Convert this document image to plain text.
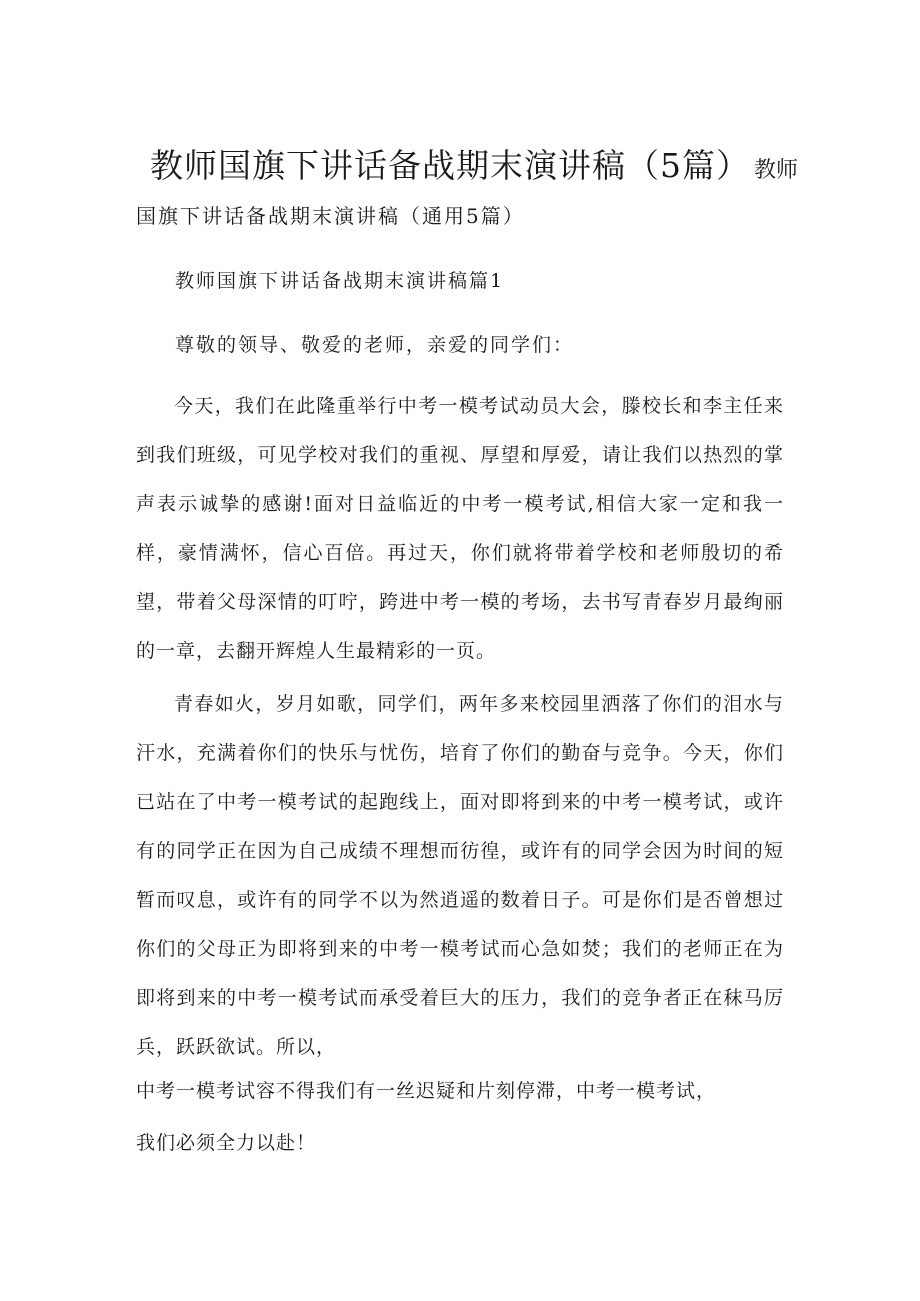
教师国旗下讲话备战期末演讲稿（5篇） 教师
国旗下讲话备战期末演讲稿（通用5篇）
教师国旗下讲话备战期末演讲稿篇1
尊敬的领导、敬爱的老师，亲爱的同学们：

今天，我们在此隆重举行中考一模考试动员大会，滕校长和李主任来到我们班级，可见学校对我们的重视、厚望和厚爱，请让我们以热烈的掌声表示诚挚的感谢!面对日益临近的中考一模考试,相信大家一定和我一样，豪情满怀，信心百倍。再过天，你们就将带着学校和老师殷切的希望，带着父母深情的叮咛，跨进中考一模的考场，去书写青春岁月最绚丽的一章，去翻开辉煌人生最精彩的一页。

青春如火，岁月如歌，同学们，两年多来校园里洒落了你们的泪水与汗水，充满着你们的快乐与忧伤，培育了你们的勤奋与竞争。今天，你们已站在了中考一模考试的起跑线上，面对即将到来的中考一模考试，或许有的同学正在因为自己成绩不理想而彷徨，或许有的同学会因为时间的短暂而叹息，或许有的同学不以为然逍遥的数着日子。可是你们是否曾想过你们的父母正为即将到来的中考一模考试而心急如焚；我们的老师正在为即将到来的中考一模考试而承受着巨大的压力，我们的竞争者正在秣马厉兵，跃跃欲试。所以，

中考一模考试容不得我们有一丝迟疑和片刻停滞，中考一模考试，
我们必须全力以赴！
